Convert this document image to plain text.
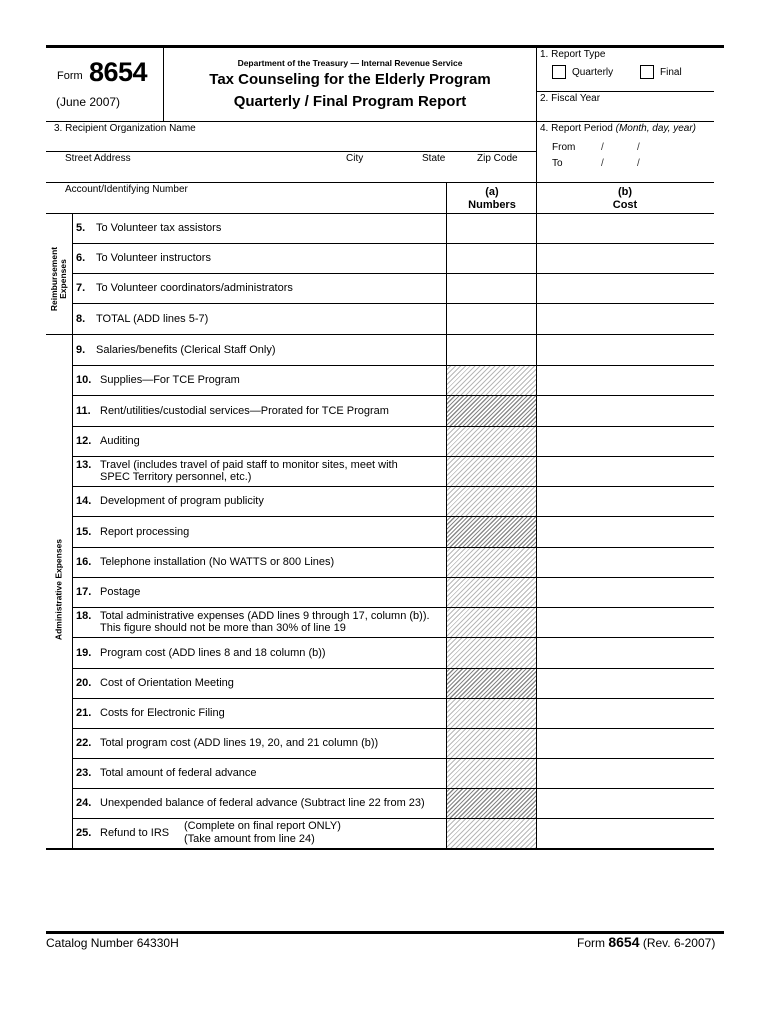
Form 8654
(June 2007)
Department of the Treasury — Internal Revenue Service
Tax Counseling for the Elderly Program
Quarterly / Final Program Report
1. Report Type
Quarterly	Final
2. Fiscal Year
3. Recipient Organization Name	4. Report Period (Month, day, year)
From	/	/
To	/	/
Street Address	City	State	Zip Code
Account/Identifying Number	(a)
Numbers
(b)
Cost
Reimbursement Expenses
Administrative Expenses
5. To Volunteer tax assistors
6. To Volunteer instructors
7. To Volunteer coordinators/administrators
8. TOTAL (ADD lines 5-7)
9. Salaries/benefits (Clerical Staff Only)
10. Supplies—For TCE Program
11. Rent/utilities/custodial services—Prorated for TCE Program
12. Auditing
13. Travel (includes travel of paid staff to monitor sites, meet with
SPEC Territory personnel, etc.)
14. Development of program publicity
15. Report processing
16. Telephone installation (No WATTS or 800 Lines)
17. Postage
18. Total administrative expenses (ADD lines 9 through 17, column (b)).
This figure should not be more than 30% of line 19
19. Program cost (ADD lines 8 and 18 column (b))
20. Cost of Orientation Meeting
21. Costs for Electronic Filing
22. Total program cost (ADD lines 19, 20, and 21 column (b))
23. Total amount of federal advance
24. Unexpended balance of federal advance (Subtract line 22 from 23)
25. Refund to IRS
(Complete on final report ONLY)
(Take amount from line 24)
Catalog Number 64330H	Form 8654 (Rev. 6-2007)
